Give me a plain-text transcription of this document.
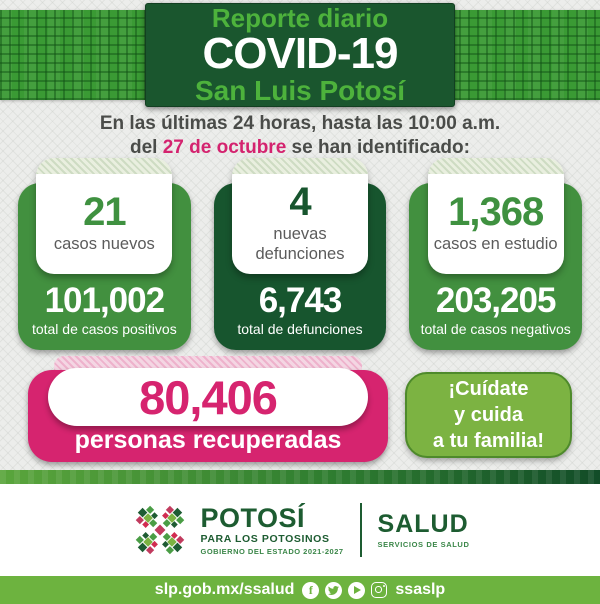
Reporte diario
COVID-19
San Luis Potosí
En las últimas 24 horas, hasta las 10:00 a.m.
del 27 de octubre se han identificado:
21
casos nuevos
101,002
total de casos positivos
4
nuevas defunciones
6,743
total de defunciones
1,368
casos en estudio
203,205
total de casos negativos
80,406
personas recuperadas
¡Cuídate
y cuida
a tu familia!
POTOSÍ
PARA LOS POTOSINOS
GOBIERNO DEL ESTADO 2021-2027
SALUD
SERVICIOS DE SALUD
slp.gob.mx/ssalud f	ssaslp
